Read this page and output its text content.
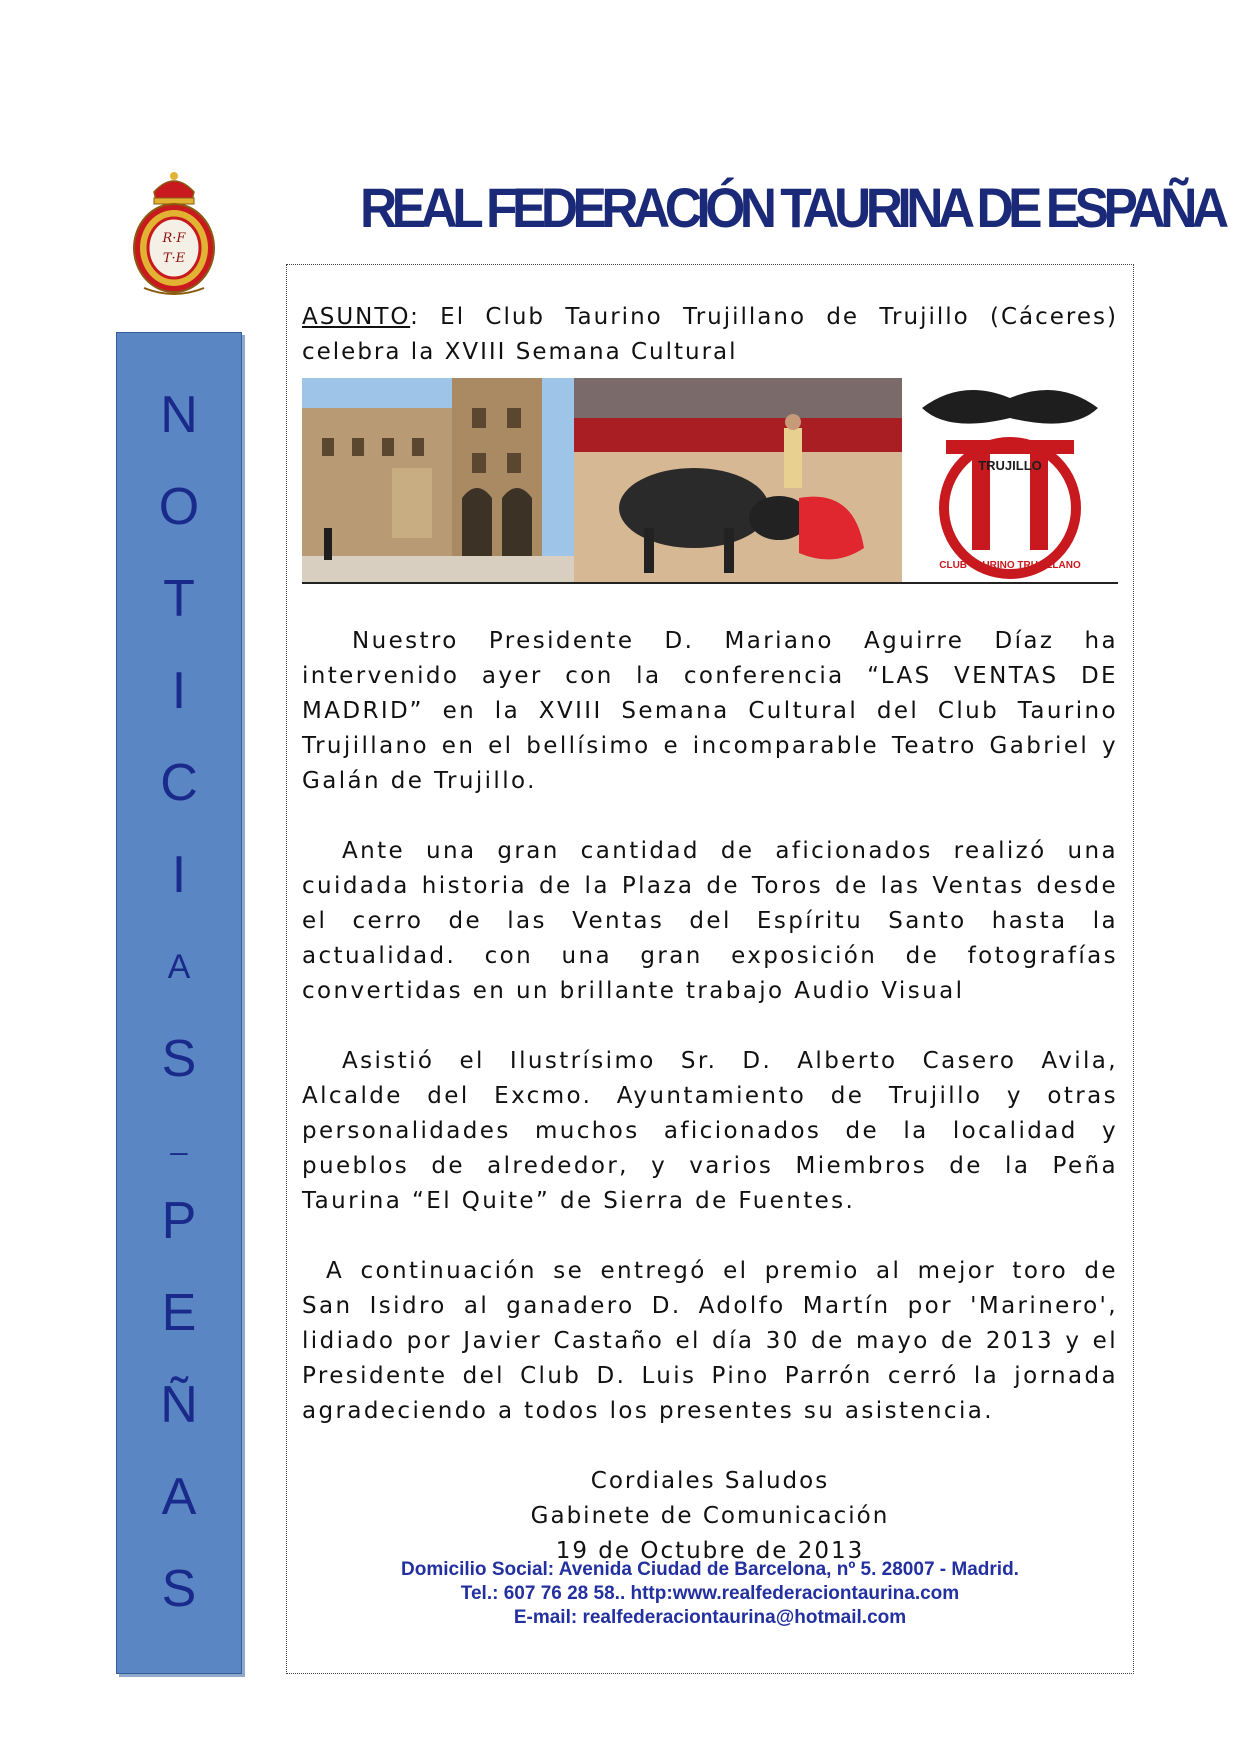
R·F
T·E
REAL FEDERACIÓN TAURINA DE ESPAÑA
N
O
T
I
C
I
A
S
_
P
E
Ñ
A
S

ASUNTO: El Club Taurino Trujillano de Trujillo (Cáceres) celebra la XVIII Semana Cultural

TRUJILLO
CLUB TAURINO TRUJILLANO

Nuestro Presidente D. Mariano Aguirre Díaz ha intervenido ayer con la conferencia “LAS VENTAS DE MADRID” en la XVIII Semana Cultural del Club Taurino Trujillano en el bellísimo e incomparable Teatro Gabriel y Galán de Trujillo.

Ante una gran cantidad de aficionados realizó una cuidada historia de la Plaza de Toros de las Ventas desde el cerro de las Ventas del Espíritu Santo hasta la actualidad. con una gran exposición de fotografías convertidas en un brillante trabajo Audio Visual

Asistió el Ilustrísimo Sr. D. Alberto Casero Avila, Alcalde del Excmo. Ayuntamiento de Trujillo y otras personalidades muchos aficionados de la localidad y pueblos de alrededor, y varios Miembros de la Peña Taurina “El Quite” de Sierra de Fuentes.

A continuación se entregó el premio al mejor toro de San Isidro al ganadero D. Adolfo Martín por 'Marinero', lidiado por Javier Castaño el día 30 de mayo de 2013 y el Presidente del Club D. Luis Pino Parrón cerró la jornada agradeciendo a todos los presentes su asistencia.

Cordiales Saludos
Gabinete de Comunicación
19 de Octubre de 2013
Domicilio Social: Avenida Ciudad de Barcelona, nº 5. 28007 - Madrid.
Tel.: 607 76 28 58.. http:www.realfederaciontaurina.com
E-mail: realfederaciontaurina@hotmail.com
